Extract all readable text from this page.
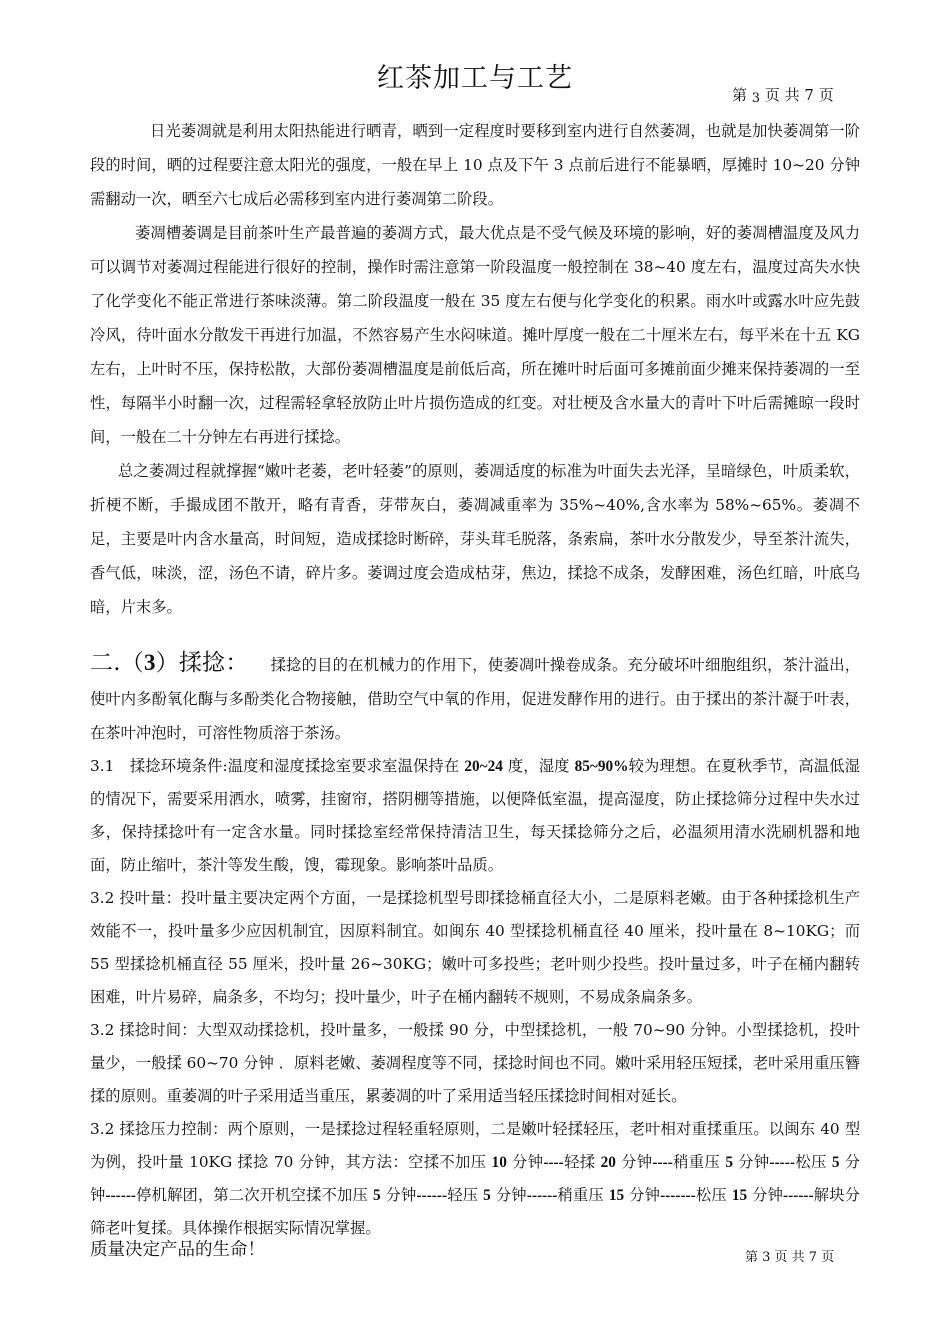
红茶加工与工艺
第 3 页 共 7 页

日光萎凋就是利用太阳热能进行晒青，晒到一定程度时要移到室内进行自然萎凋，也就是加快萎凋第一阶段的时间，晒的过程要注意太阳光的强度，一般在早上 10 点及下午 3 点前后进行不能暴晒，厚摊时 10~20 分钟需翻动一次，晒至六七成后必需移到室内进行萎凋第二阶段。

萎凋槽萎调是目前茶叶生产最普遍的萎凋方式，最大优点是不受气候及环境的影响，好的萎凋槽温度及风力可以调节对萎凋过程能进行很好的控制，操作时需注意第一阶段温度一般控制在 38~40 度左右，温度过高失水快了化学变化不能正常进行茶味淡薄。第二阶段温度一般在 35 度左右便与化学变化的积累。雨水叶或露水叶应先鼓冷风，待叶面水分散发干再进行加温，不然容易产生水闷味道。摊叶厚度一般在二十厘米左右，每平米在十五 KG 左右，上叶时不压，保持松散，大部份萎凋槽温度是前低后高，所在摊叶时后面可多摊前面少摊来保持萎凋的一至性，每隔半小时翻一次，过程需轻拿轻放防止叶片损伤造成的红变。对壮梗及含水量大的青叶下叶后需摊晾一段时间，一般在二十分钟左右再进行揉捻。

总之萎凋过程就撑握“嫩叶老萎，老叶轻萎”的原则，萎凋适度的标准为叶面失去光泽，呈暗绿色，叶质柔软，折梗不断，手撮成团不散开，略有青香，芽带灰白，萎凋减重率为 35%~40%,含水率为 58%~65%。萎凋不足，主要是叶内含水量高，时间短，造成揉捻时断碎，芽头茸毛脱落，条索扁，茶叶水分散发少，导至茶汁流失，香气低，味淡，涩，汤色不请，碎片多。萎调过度会造成枯芽，焦边，揉捻不成条，发酵困难，汤色红暗，叶底乌暗，片末多。

二.（3）揉捻： 揉捻的目的在机械力的作用下，使萎凋叶操卷成条。充分破坏叶细胞组织，茶汁溢出，使叶内多酚氧化酶与多酚类化合物接触，借助空气中氧的作用，促进发酵作用的进行。由于揉出的茶汁凝于叶表，在茶叶冲泡时，可溶性物质溶于茶汤。

3.1　揉捻环境条件:温度和湿度揉捻室要求室温保持在 20~24 度，湿度 85~90%较为理想。在夏秋季节，高温低湿的情况下，需要采用洒水，喷雾，挂窗帘，搭阴棚等措施，以便降低室温，提高湿度，防止揉捻筛分过程中失水过多，保持揉捻叶有一定含水量。同时揉捻室经常保持清洁卫生，每天揉捻筛分之后，必温须用清水洗刷机器和地面，防止缩叶，茶汁等发生酸，馊，霉现象。影响茶叶品质。

3.2 投叶量：投叶量主要决定两个方面，一是揉捻机型号即揉捻桶直径大小，二是原料老嫩。由于各种揉捻机生产效能不一，投叶量多少应因机制宜，因原料制宜。如闽东 40 型揉捻机桶直径 40 厘米，投叶量在 8~10KG；而 55 型揉捻机桶直径 55 厘米，投叶量 26~30KG；嫩叶可多投些；老叶则少投些。投叶量过多，叶子在桶内翻转困难，叶片易碎，扁条多，不均匀；投叶量少，叶子在桶内翻转不规则，不易成条扁条多。

3.2 揉捻时间：大型双动揉捻机，投叶量多，一般揉 90 分，中型揉捻机，一般 70~90 分钟。小型揉捻机，投叶量少，一般揉 60~70 分钟 ．原料老嫩、萎凋程度等不同，揉捻时间也不同。嫩叶采用轻压短揉，老叶采用重压簪揉的原则。重萎凋的叶子采用适当重压，累萎凋的叶了采用适当轻压揉捻时间相对延长。

3.2 揉捻压力控制：两个原则，一是揉捻过程轻重轻原则，二是嫩叶轻揉轻压，老叶相对重揉重压。以闽东 40 型为例，投叶量 10KG 揉捻 70 分钟，其方法：空揉不加压 10 分钟----轻揉 20 分钟----稍重压 5 分钟-----松压 5 分钟------停机解团，第二次开机空揉不加压 5 分钟------轻压 5 分钟------稍重压 15 分钟-------松压 15 分钟------解块分筛老叶复揉。具体操作根据实际情况掌握。

质量决定产品的生命！	第 3 页 共 7 页
